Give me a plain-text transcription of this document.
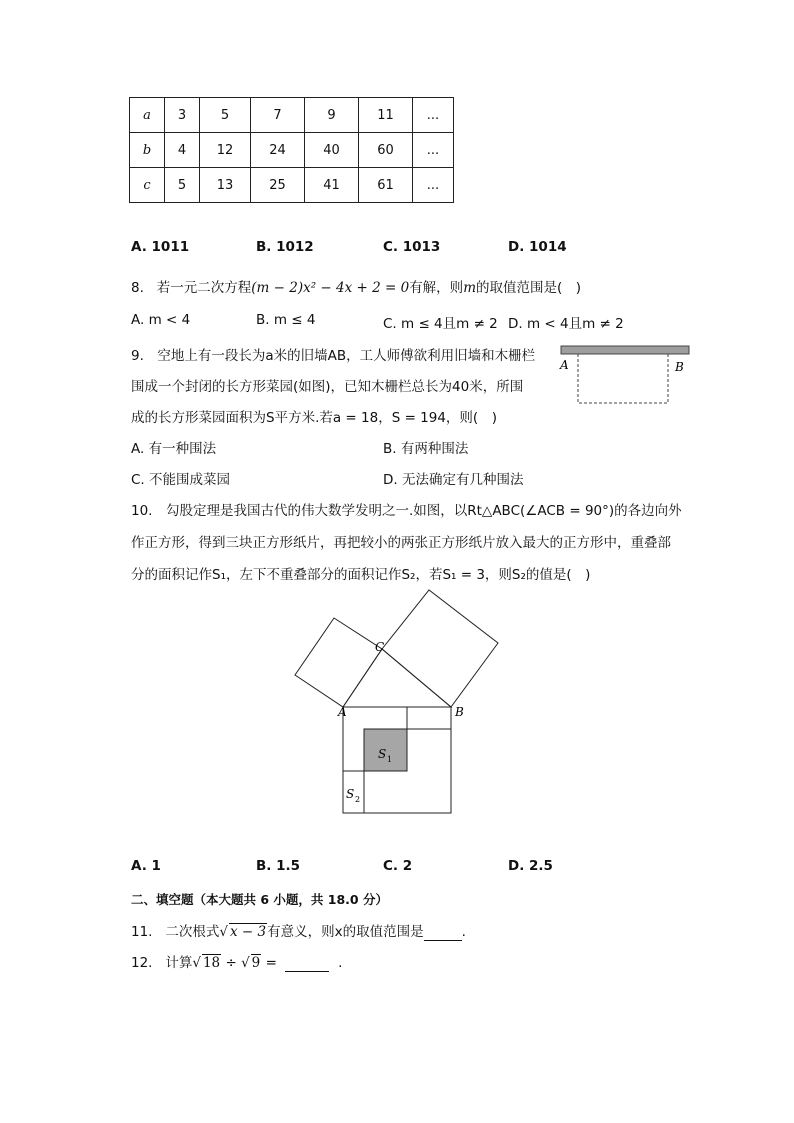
a	3	5	7	9	11	...
b	4	12	24	40	60	...
c	5	13	25	41	61	...
A. 1011	B. 1012	C. 1013	D. 1014
8. 若一元二次方程(m − 2)x² − 4x + 2 = 0有解，则m的取值范围是(　)
A. m < 4	B. m ≤ 4	C. m ≤ 4且m ≠ 2 D. m < 4且m ≠ 2
9.　空地上有一段长为a米的旧墙AB，工人师傅欲利用旧墙和木栅栏
围成一个封闭的长方形菜园(如图)，已知木栅栏总长为40米，所围
成的长方形菜园面积为S平方米.若a = 18，S = 194，则(　)
A	B
A. 有一种围法	B. 有两种围法
C. 不能围成菜园	D. 无法确定有几种围法
10.　勾股定理是我国古代的伟大数学发明之一.如图，以Rt△ABC(∠ACB = 90°)的各边向外
作正方形，得到三块正方形纸片，再把较小的两张正方形纸片放入最大的正方形中，重叠部
分的面积记作S₁，左下不重叠部分的面积记作S₂，若S₁ = 3，则S₂的值是(　)
A	B
C
S 1
S 2
A. 1	B. 1.5	C. 2	D. 2.5
二、填空题（本大题共 6 小题，共 18.0 分）
11. 二次根式√ x − 3有意义，则x的取值范围是	.
12. 计算√ 18 ÷ √ 9 =	.
